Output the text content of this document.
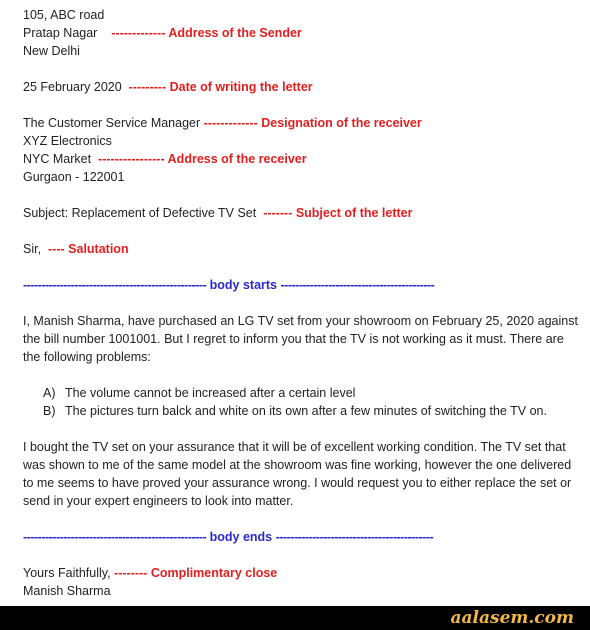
105, ABC road
Pratap Nagar ------------- Address of the Sender
New Delhi
25 February 2020 --------- Date of writing the letter
The Customer Service Manager ------------- Designation of the receiver
XYZ Electronics
NYC Market ---------------- Address of the receiver
Gurgaon - 122001
Subject: Replacement of Defective TV Set ------- Subject of the letter
Sir, ---- Salutation
-------------------------------------------------- body starts ------------------------------------------
I, Manish Sharma, have purchased an LG TV set from your showroom on February 25, 2020 against the bill number 1001001. But I regret to inform you that the TV is not working as it must. There are the following problems:
A) The volume cannot be increased after a certain level
B) The pictures turn balck and white on its own after a few minutes of switching the TV on.
I bought the TV set on your assurance that it will be of excellent working condition. The TV set that was shown to me of the same model at the showroom was fine working, however the one delivered to me seems to have proved your assurance wrong. I would request you to either replace the set or send in your expert engineers to look into matter.
-------------------------------------------------- body ends -------------------------------------------
Yours Faithfully, -------- Complimentary close
Manish Sharma
aalasem.com
